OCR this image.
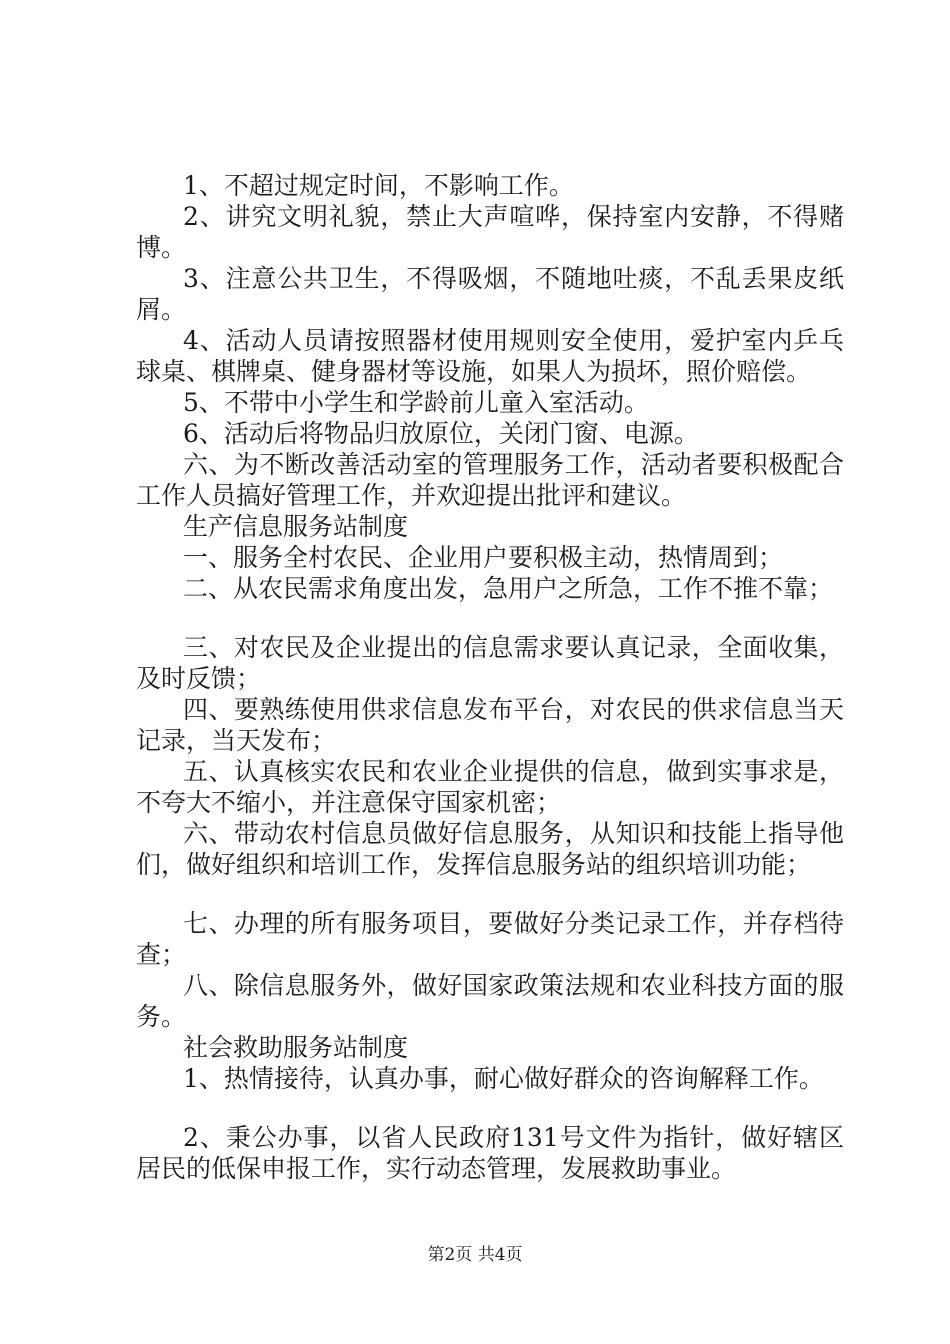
1、不超过规定时间，不影响工作。

2、讲究文明礼貌，禁止大声喧哗，保持室内安静，不得赌博。

3、注意公共卫生，不得吸烟，不随地吐痰，不乱丢果皮纸屑。

4、活动人员请按照器材使用规则安全使用，爱护室内乒乓球桌、棋牌桌、健身器材等设施，如果人为损坏，照价赔偿。

5、不带中小学生和学龄前儿童入室活动。

6、活动后将物品归放原位，关闭门窗、电源。

六、为不断改善活动室的管理服务工作，活动者要积极配合工作人员搞好管理工作，并欢迎提出批评和建议。

生产信息服务站制度

一、服务全村农民、企业用户要积极主动，热情周到；

二、从农民需求角度出发，急用户之所急，工作不推不靠；

三、对农民及企业提出的信息需求要认真记录，全面收集，及时反馈；

四、要熟练使用供求信息发布平台，对农民的供求信息当天记录，当天发布；

五、认真核实农民和农业企业提供的信息，做到实事求是，不夸大不缩小，并注意保守国家机密；

六、带动农村信息员做好信息服务，从知识和技能上指导他们，做好组织和培训工作，发挥信息服务站的组织培训功能；

七、办理的所有服务项目，要做好分类记录工作，并存档待查；

八、除信息服务外，做好国家政策法规和农业科技方面的服务。

社会救助服务站制度

1、热情接待，认真办事，耐心做好群众的咨询解释工作。

2、秉公办事，以省人民政府131号文件为指针，做好辖区居民的低保申报工作，实行动态管理，发展救助事业。

第2页 共4页
